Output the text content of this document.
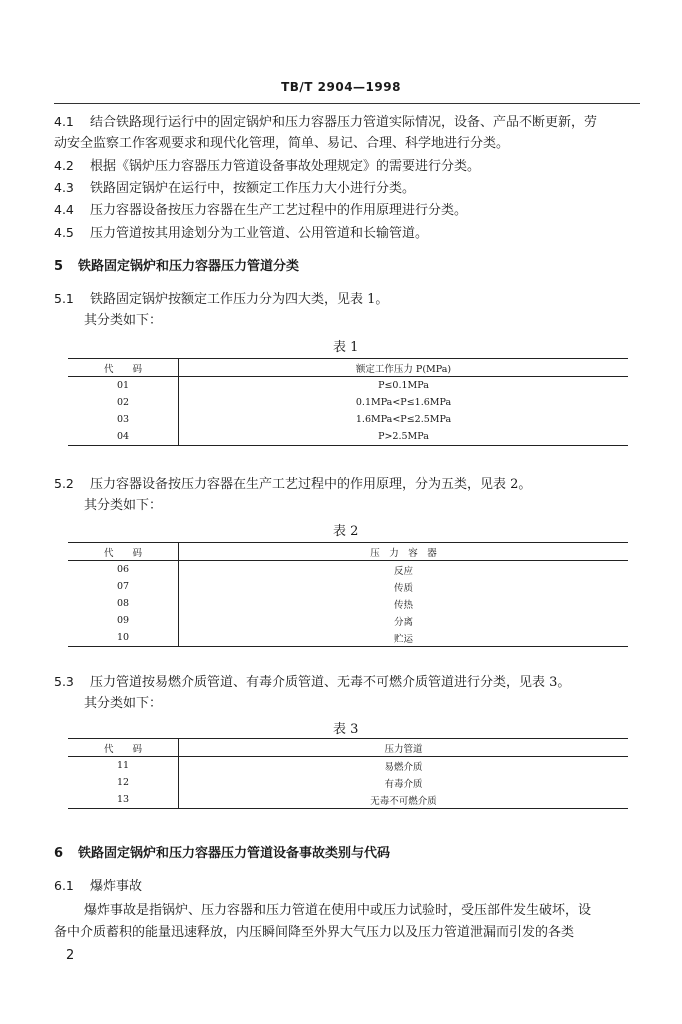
TB/T 2904—1998
4.1 结合铁路现行运行中的固定锅炉和压力容器压力管道实际情况，设备、产品不断更新，劳
动安全监察工作客观要求和现代化管理，简单、易记、合理、科学地进行分类。
4.2 根据《锅炉压力容器压力管道设备事故处理规定》的需要进行分类。
4.3 铁路固定锅炉在运行中，按额定工作压力大小进行分类。
4.4 压力容器设备按压力容器在生产工艺过程中的作用原理进行分类。
4.5 压力管道按其用途划分为工业管道、公用管道和长输管道。
5 铁路固定锅炉和压力容器压力管道分类
5.1 铁路固定锅炉按额定工作压力分为四大类，见表 1。
其分类如下：
表 1
代　　码	额定工作压力 P(MPa)
01	P≤0.1MPa
02	0.1MPa<P≤1.6MPa
03	1.6MPa<P≤2.5MPa
04	P>2.5MPa
5.2 压力容器设备按压力容器在生产工艺过程中的作用原理，分为五类，见表 2。
其分类如下：
表 2
代　　码	压　力　容　器
06	反应
07	传质
08	传热
09	分离
10	贮运
5.3 压力管道按易燃介质管道、有毒介质管道、无毒不可燃介质管道进行分类，见表 3。
其分类如下：
表 3
代　　码	压力管道
11	易燃介质
12	有毒介质
13	无毒不可燃介质
6 铁路固定锅炉和压力容器压力管道设备事故类别与代码
6.1 爆炸事故
爆炸事故是指锅炉、压力容器和压力管道在使用中或压力试验时，受压部件发生破坏，设
备中介质蓄积的能量迅速释放，内压瞬间降至外界大气压力以及压力管道泄漏而引发的各类
2
